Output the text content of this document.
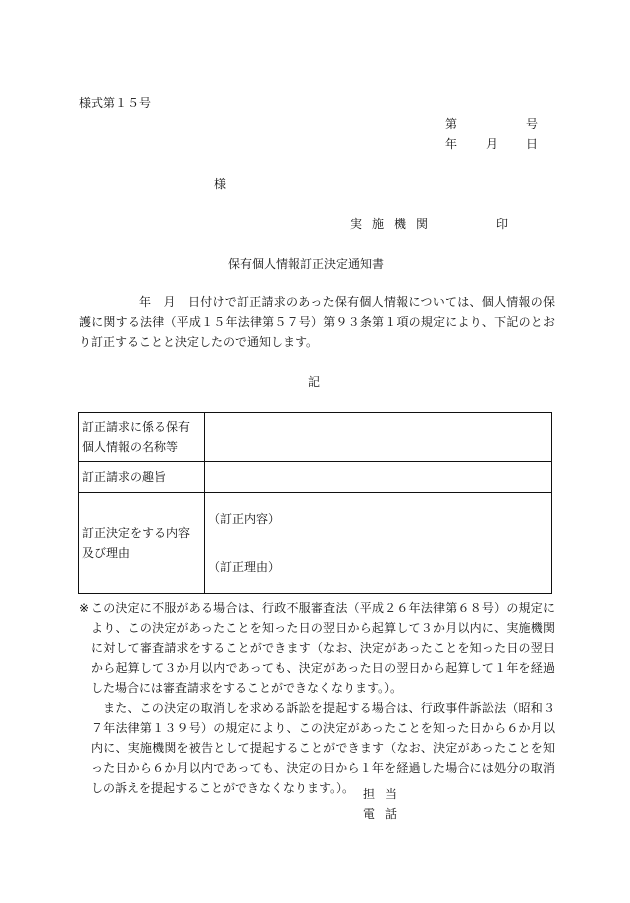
様式第１５号
第	号
年 月 日
様
実施機関	印
保有個人情報訂正決定通知書
年　月　日付けで訂正請求のあった保有個人情報については、個人情報の保護に関する法律（平成１５年法律第５７号）第９３条第１項の規定により、下記のとおり訂正することと決定したので通知します。
記
訂正請求に係る保有個人情報の名称等	
訂正請求の趣旨	
訂正決定をする内容及び理由	（訂正内容）
（訂正理由）
※ この決定に不服がある場合は、行政不服審査法（平成２６年法律第６８号）の規定により、この決定があったことを知った日の翌日から起算して３か月以内に、実施機関に対して審査請求をすることができます（なお、決定があったことを知った日の翌日から起算して３か月以内であっても、決定があった日の翌日から起算して１年を経過した場合には審査請求をすることができなくなります。）。
また、この決定の取消しを求める訴訟を提起する場合は、行政事件訴訟法（昭和３７年法律第１３９号）の規定により、この決定があったことを知った日から６か月以内に、実施機関を被告として提起することができます（なお、決定があったことを知った日から６か月以内であっても、決定の日から１年を経過した場合には処分の取消しの訴えを提起することができなくなります。）。 担当
電話
